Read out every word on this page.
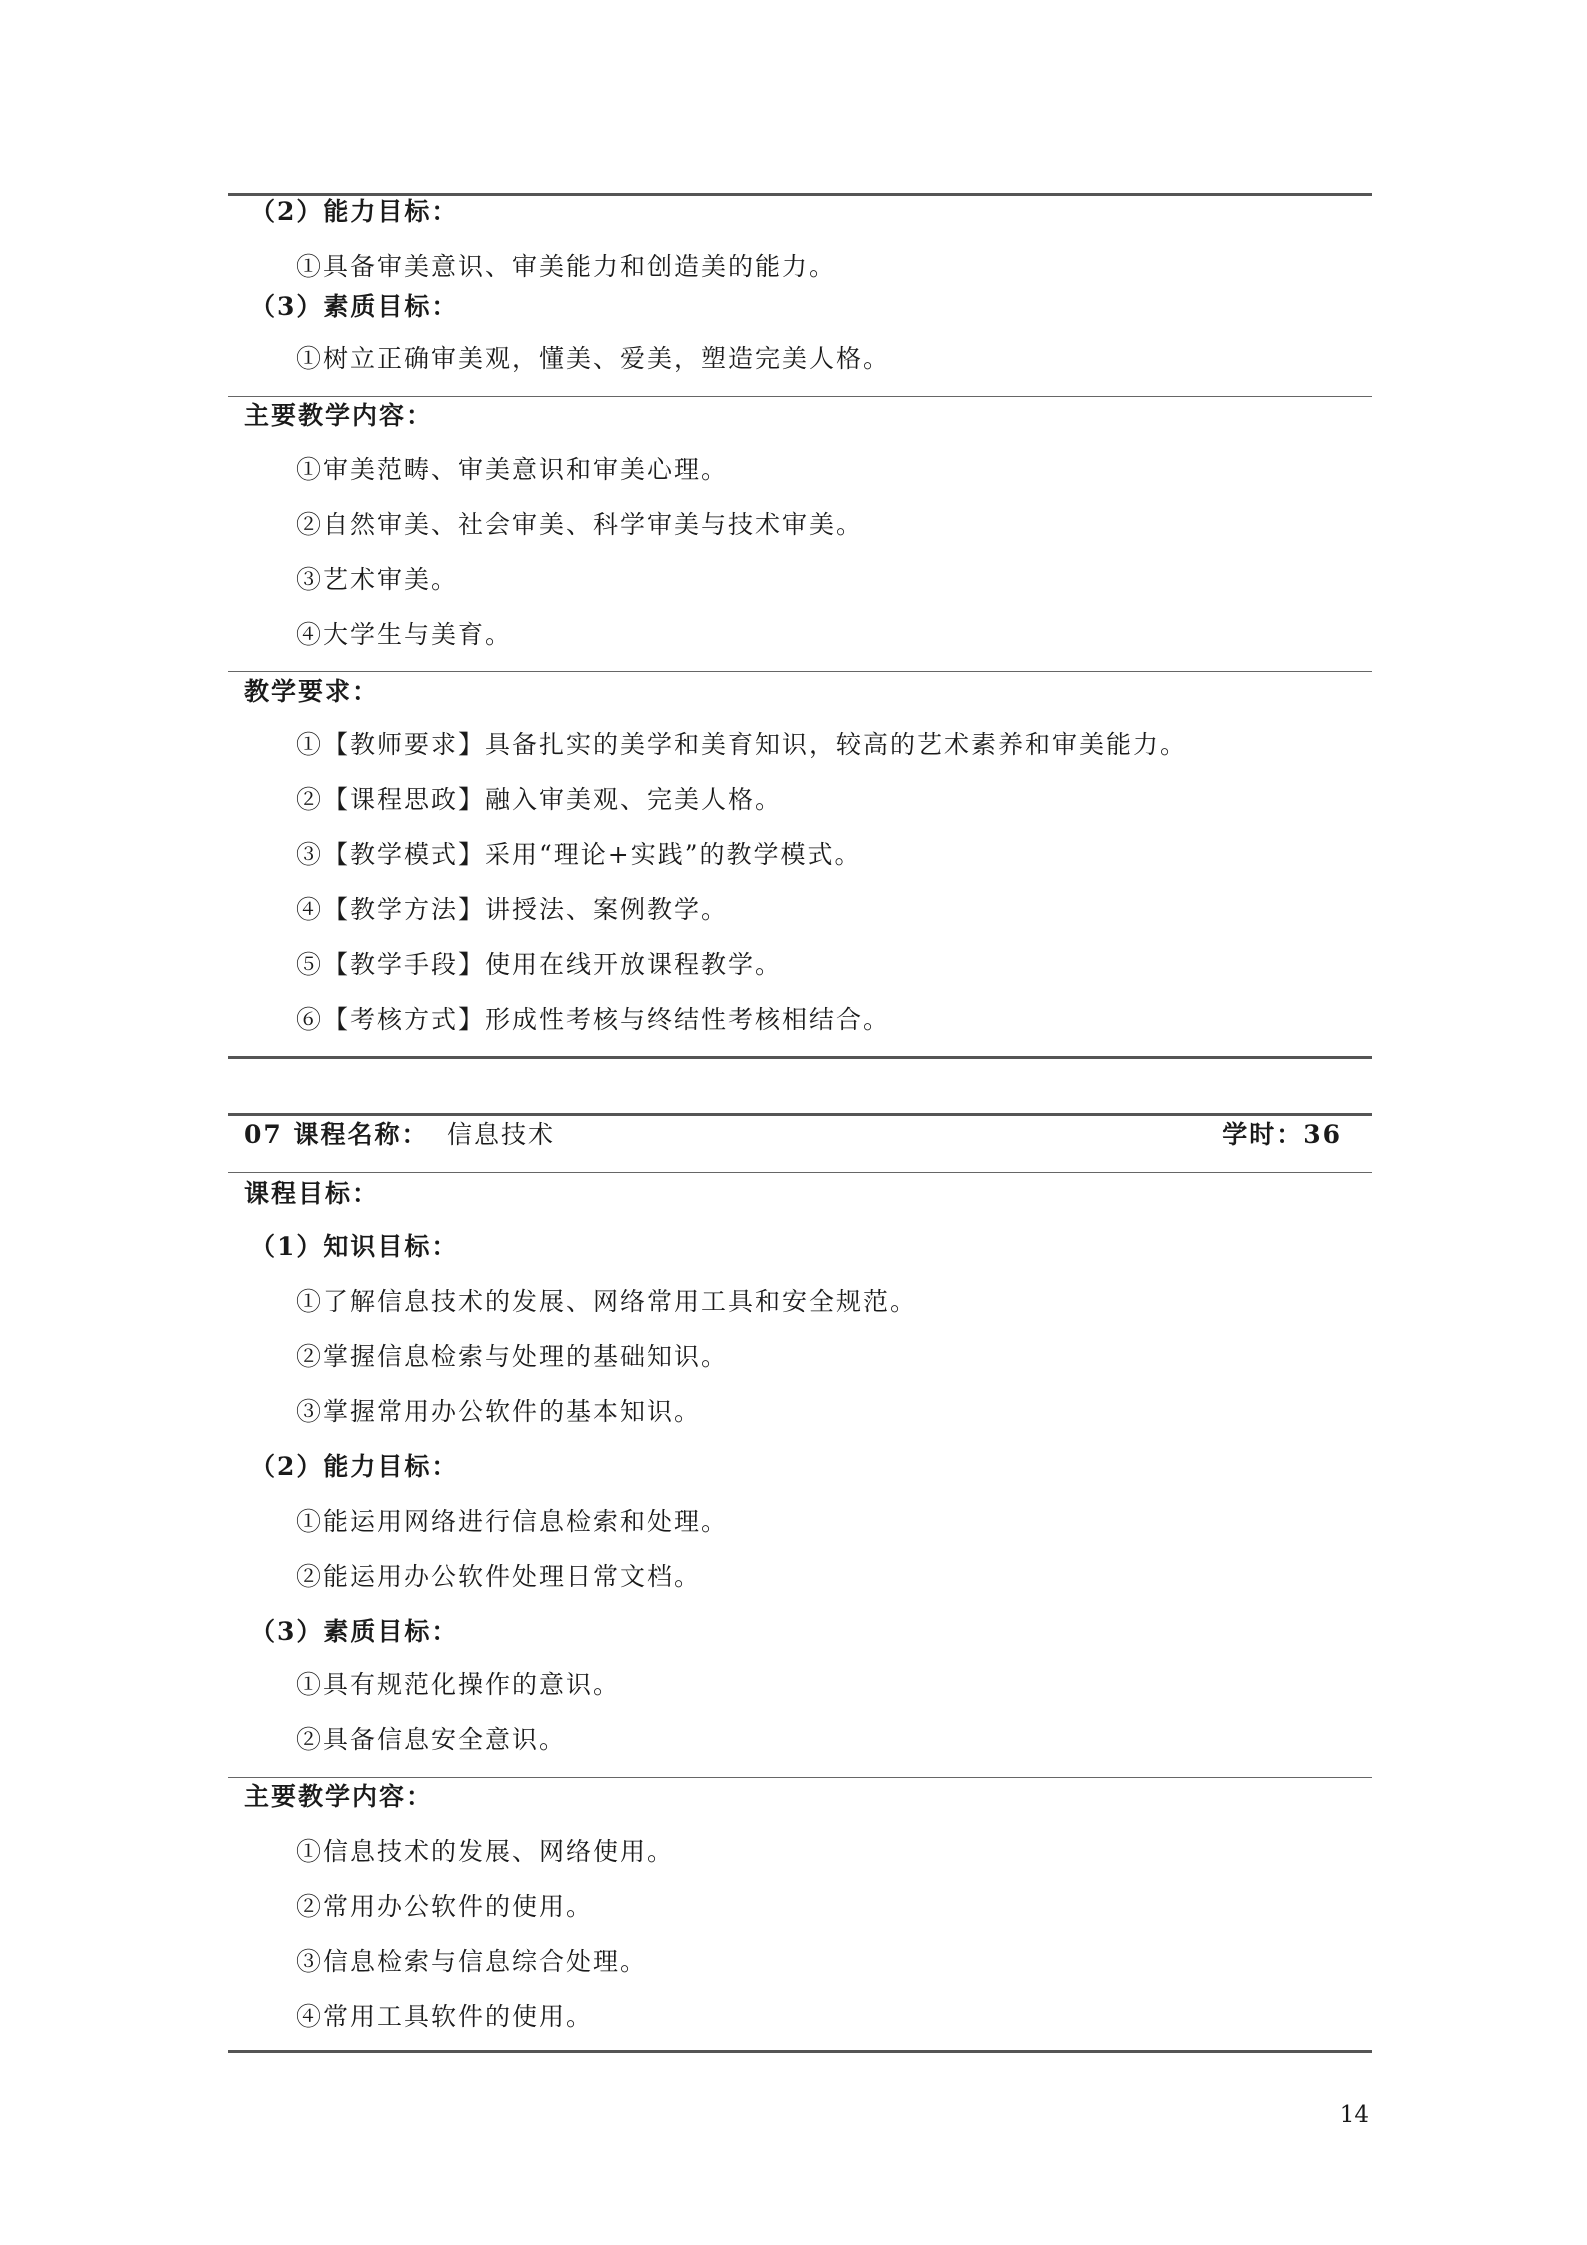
（2）能力目标：
①具备审美意识、审美能力和创造美的能力。
（3）素质目标：
①树立正确审美观，懂美、爱美，塑造完美人格。
主要教学内容：
①审美范畴、审美意识和审美心理。
②自然审美、社会审美、科学审美与技术审美。
③艺术审美。
④大学生与美育。
教学要求：
①【教师要求】具备扎实的美学和美育知识，较高的艺术素养和审美能力。
②【课程思政】融入审美观、完美人格。
③【教学模式】采用“理论+实践”的教学模式。
④【教学方法】讲授法、案例教学。
⑤【教学手段】使用在线开放课程教学。
⑥【考核方式】形成性考核与终结性考核相结合。
07 课程名称： 信息技术	学时：36
课程目标：
（1）知识目标：
①了解信息技术的发展、网络常用工具和安全规范。
②掌握信息检索与处理的基础知识。
③掌握常用办公软件的基本知识。
（2）能力目标：
①能运用网络进行信息检索和处理。
②能运用办公软件处理日常文档。
（3）素质目标：
①具有规范化操作的意识。
②具备信息安全意识。
主要教学内容：
①信息技术的发展、网络使用。
②常用办公软件的使用。
③信息检索与信息综合处理。
④常用工具软件的使用。
14
